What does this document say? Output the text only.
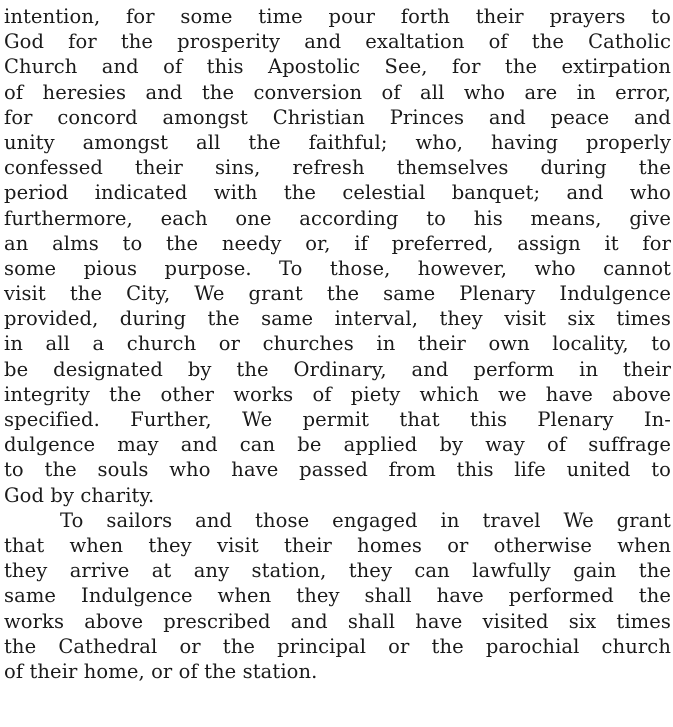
intention, for some time pour forth their prayers to
God for the prosperity and exaltation of the Catholic
Church and of this Apostolic See, for the extirpation
of heresies and the conversion of all who are in error,
for concord amongst Christian Princes and peace and
unity amongst all the faithful; who, having properly
confessed their sins, refresh themselves during the
period indicated with the celestial banquet; and who
furthermore, each one according to his means, give
an alms to the needy or, if preferred, assign it for
some pious purpose. To those, however, who cannot
visit the City, We grant the same Plenary Indulgence
provided, during the same interval, they visit six times
in all a church or churches in their own locality, to
be designated by the Ordinary, and perform in their
integrity the other works of piety which we have above
specified. Further, We permit that this Plenary In-
dulgence may and can be applied by way of suffrage
to the souls who have passed from this life united to
God by charity.
To sailors and those engaged in travel We grant
that when they visit their homes or otherwise when
they arrive at any station, they can lawfully gain the
same Indulgence when they shall have performed the
works above prescribed and shall have visited six times
the Cathedral or the principal or the parochial church
of their home, or of the station.
